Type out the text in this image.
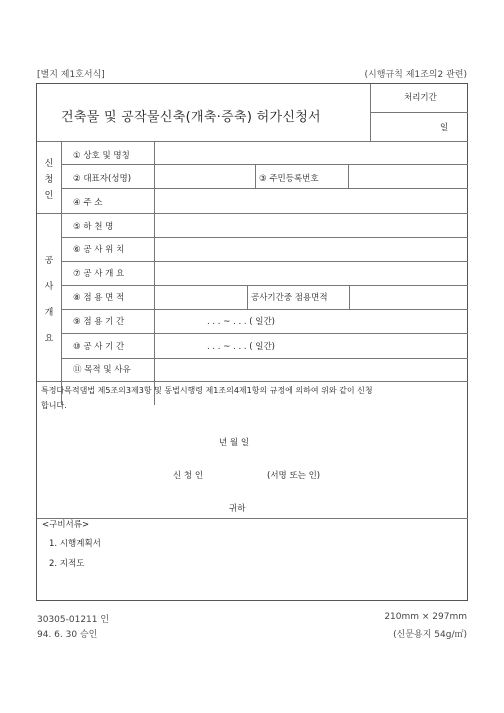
[별지 제1호서식]	(시행규칙 제1조의2 관련)
건축물 및 공작물신축(개축·증축) 허가신청서
처리기간
일
신
청
인
① 상호 및 명칭
② 대표자(성명)	③ 주민등록번호
④ 주 소
공
사
개
요
⑤ 하 천 명
⑥ 공 사 위 치
⑦ 공 사 개 요
⑧ 점 용 면 적	공사기간중 점용면적
⑨ 점 용 기 간	. . . ~ . . . ( 일간)
⑩ 공 사 기 간	. . . ~ . . . ( 일간)
⑪ 목적 및 사유
특정다목적댐법 제5조의3제3항 및 동법시행령 제1조의4제1항의 규정에 의하여 위와 같이 신청
합니다.
년 월 일
신 청 인	(서명 또는 인)
귀하
<구비서류>
1. 시행계획서
2. 지적도
30305-01211 인
94. 6. 30 승인
210mm × 297mm
(신문용지 54g/㎡)
